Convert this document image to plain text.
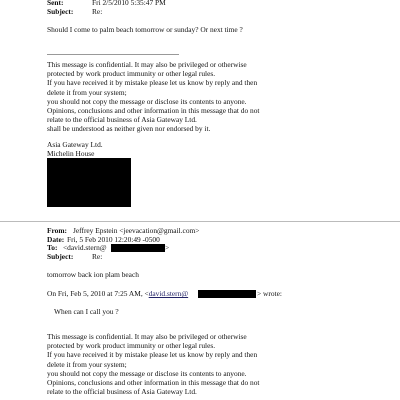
Sent:	Fri 2/5/2010 5:35:47 PM
Subject:	Re:
Should I come to palm beach tomorrow or sunday? Or next time ?
This message is confidential. It may also be privileged or otherwise
protected by work product immunity or other legal rules.
If you have received it by mistake please let us know by reply and then
delete it from your system;
you should not copy the message or disclose its contents to anyone.
Opinions, conclusions and other information in this message that do not
relate to the official business of Asia Gateway Ltd.
shall be understood as neither given nor endorsed by it.
Asia Gateway Ltd.
Michelin House
From: Jeffrey Epstein <jeevacation@gmail.com>
Date: Fri, 5 Feb 2010 12:20:49 -0500
To: <david.stern@	>
Subject:	Re:
tomorrow back ion plam beach
On Fri, Feb 5, 2010 at 7:25 AM, <david.stern@	> wrote:
When can I call you ?
This message is confidential. It may also be privileged or otherwise
protected by work product immunity or other legal rules.
If you have received it by mistake please let us know by reply and then
delete it from your system;
you should not copy the message or disclose its contents to anyone.
Opinions, conclusions and other information in this message that do not
relate to the official business of Asia Gateway Ltd.
